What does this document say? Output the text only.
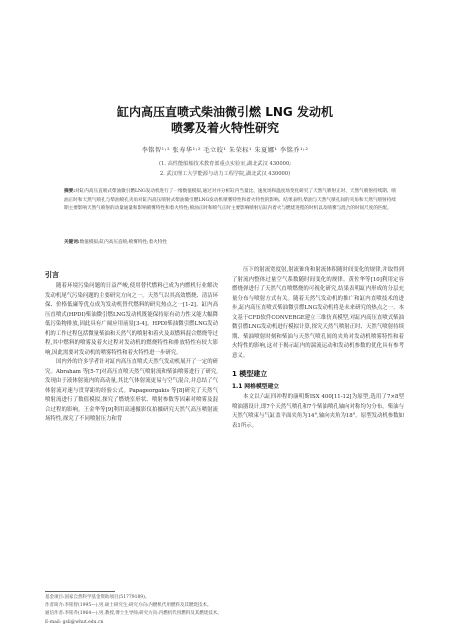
缸内高压直喷式柴油微引燃 LNG 发动机
喷雾及着火特性研究
李铭智¹˒² 张寿华¹˒² 毛立皎¹ 朱荣标¹ 朱夏娜¹ 李铭乔¹˒²
(1. 高性能船舶技术教育部重点实验室,湖北武汉 430000;
2. 武汉理工大学能源与动力工程学院,湖北武汉 430000)
摘要:对缸内高压直喷式柴油微引燃LNG发动机进行了一维数值模拟,通过对并分析缸内当量比、速度场和温度场变化研究了天然气喷射正时、天然气喷射持续期、喷油正时和天然气喷孔与柴油喷孔夹角对缸内高压喷射式柴油微引燃LNG发动机喷雾特性和着火特性的影响。结果表明,柴油与天然气喷孔间的夹角和天然气喷射持续期主要影响天然气喷射的动量通量和影响喷雾特性和着火特性;喷油正时和喷气正时主要影响喷射后缸内着火与燃烧进程的时机以及喷雾与混合的时间尺度的匹配。
关键词:数值模拟;缸内高压直喷;喷雾特性;着火特性
引言

随着环境污染问题的日益严峻,使用替代燃料已成为内燃机行业解决发动机尾气污染问题的主要研究方向之一。天然气以其高效燃烧、清洁环保、价格低廉等优点成为发动机替代燃料的研究热点之一[1-2]。缸内高压直喷式(HPDI)柴油微引燃LNG发动机既能保持原有动力性又能大幅降低污染物排放,因此具有广阔应用前景[3-4]。HPDI柴油微引燃LNG发动机的工作过程包括微量柴油和天然气的喷射和着火及双燃料混合燃烧等过程,其中燃料的喷雾及着火过程对发动机的燃烧特性和排放特性有较大影响,因此需要对发动机的喷雾特性和着火特性进一步研究。

国内外的许多学者针对缸内高压直喷式天然气发动机展开了一定的研究。Abraham 等[5-7]对高压直喷天然气喷射流和柴油喷雾进行了研究,发现由于液体射流内的高动量,其比气体射流更易与空气混合,并总结了气体射流对速与贯穿距的经验公式。Papageorgakis 等[8]研究了天然气喷射流进行了数值模拟,探究了燃烧室形状、喷射参数等因素对喷雾及混合过程的影响。王金华等[9]利用高速摄影仪拍摄研究天然气高压喷射流场特性,探究了不同喷射压力和背

压下的射流宽度射,射流锥角和射流体积随时间变化的规律,并取得到了射流内整体过量空气系数随时间变化的规律。黄佐华等[10]利用定容燃烧弹进行了天然气直喷燃烧的可视化研究,结果表明缸内形成的分层充量分布与喷射方式有关。随着天然气发动机的推广和缸内直喷技术的进步,缸内高压直喷式柴油微引燃LNG发动机将是未来研究的热点之一。本文基于CFD软件CONVERGE建立三维仿真模型,对缸内高压直喷式柴油微引燃LNG发动机进行模拟计算,探究天然气喷射正时、天然气喷射持续期、柴油喷射时刻和柴油与天然气喷孔间的夹角对发动机喷雾特性和着火特性的影响,这对于揭示缸内的湍流运动和发动机参数的优化具有参考意义。

1 模型建立
1.1 网格模型建立

本文以六缸四冲程的康明斯ISX 400[11-12]为原型,选用了7×8型喷油器设计,即7个天然气喷孔和7个柴油喷孔轴向对称均匀分布。柴油与天然气喷束与气缸盖平面夹角为14°,轴向夹角为18°。原型发动机参数如表1所示。

基金项目:国家自然科学基金资助项目(51779189)。
作者简介:李铭智(1995—),男,硕士研究生;研究方向:内燃机代用燃料及其燃烧技术。
通信作者:李铭乔(1964—),男,教授,博士生导师;研究方向:内燃机代用燃料及其燃烧技术。
E-mail: gsli@whut.edu.cn
